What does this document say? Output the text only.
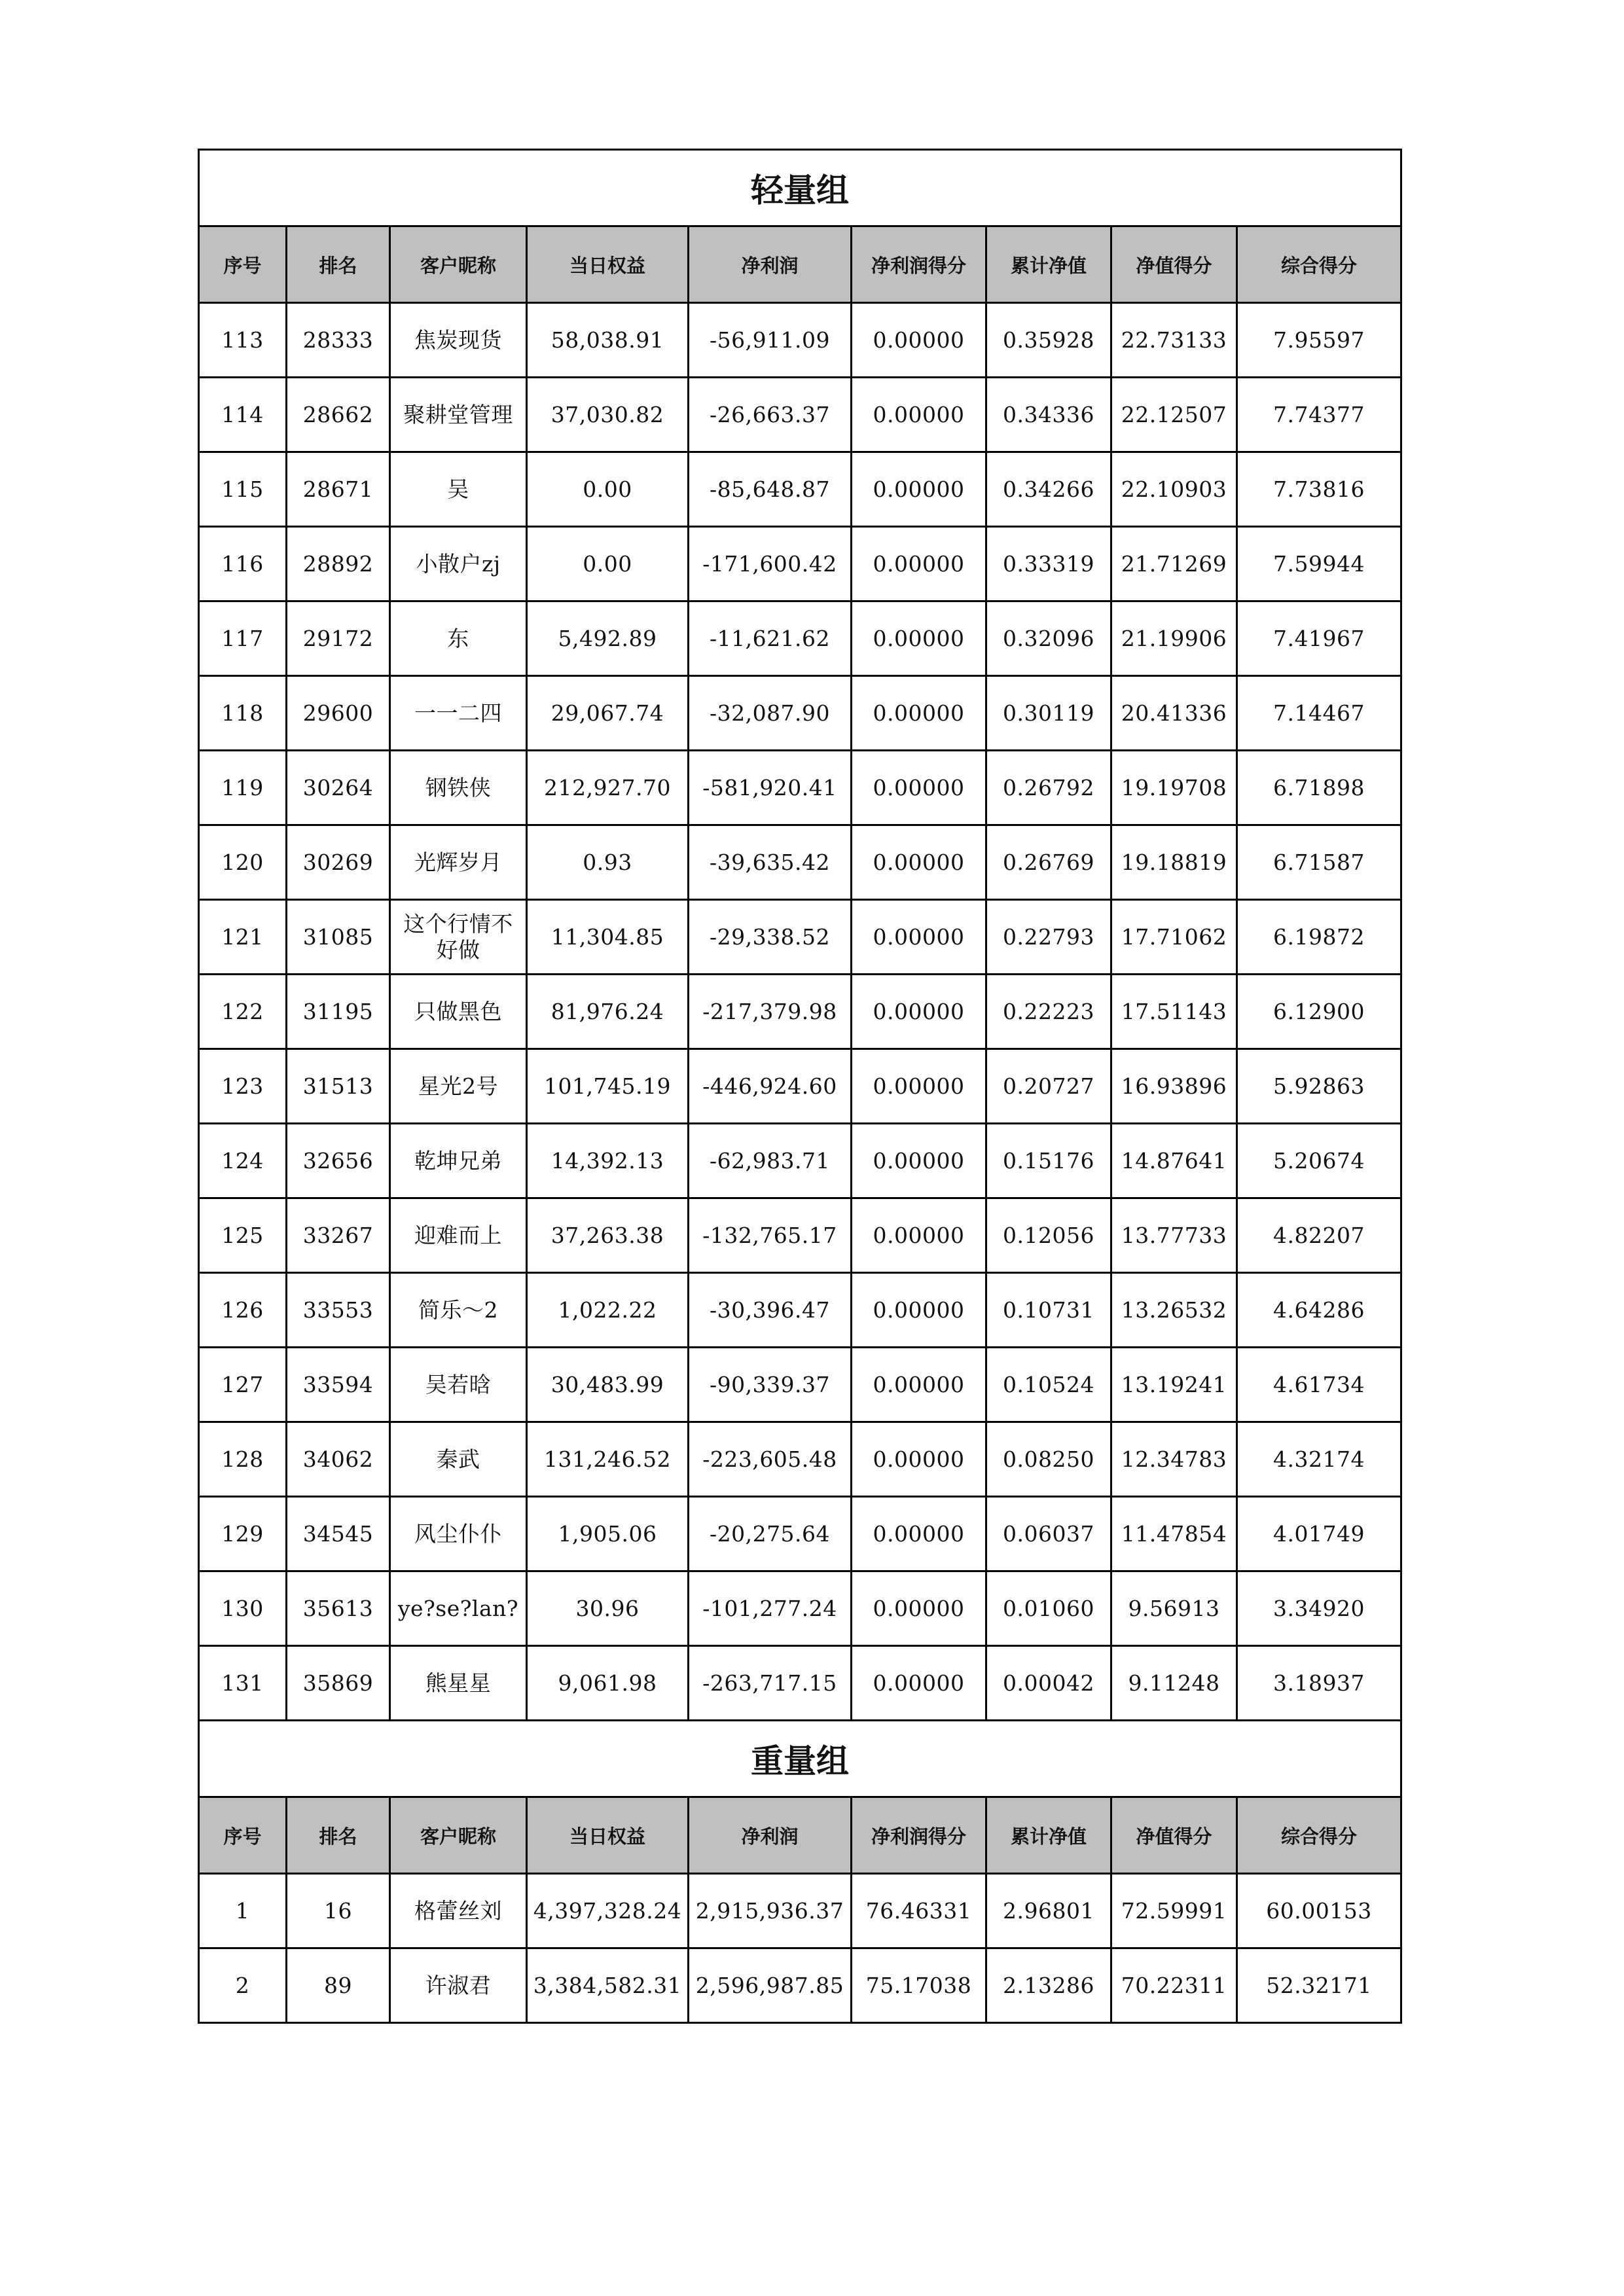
轻量组								
序号	排名	客户昵称	当日权益	净利润	净利润得分	累计净值	净值得分	综合得分
113	28333	焦炭现货	58,038.91	-56,911.09	0.00000	0.35928	22.73133	7.95597
114	28662	聚耕堂管理	37,030.82	-26,663.37	0.00000	0.34336	22.12507	7.74377
115	28671	吴	0.00	-85,648.87	0.00000	0.34266	22.10903	7.73816
116	28892	小散户zj	0.00	-171,600.42	0.00000	0.33319	21.71269	7.59944
117	29172	东	5,492.89	-11,621.62	0.00000	0.32096	21.19906	7.41967
118	29600	一一二四	29,067.74	-32,087.90	0.00000	0.30119	20.41336	7.14467
119	30264	钢铁侠	212,927.70	-581,920.41	0.00000	0.26792	19.19708	6.71898
120	30269	光辉岁月	0.93	-39,635.42	0.00000	0.26769	19.18819	6.71587
121	31085	这个行情不好做	11,304.85	-29,338.52	0.00000	0.22793	17.71062	6.19872
122	31195	只做黑色	81,976.24	-217,379.98	0.00000	0.22223	17.51143	6.12900
123	31513	星光2号	101,745.19	-446,924.60	0.00000	0.20727	16.93896	5.92863
124	32656	乾坤兄弟	14,392.13	-62,983.71	0.00000	0.15176	14.87641	5.20674
125	33267	迎难而上	37,263.38	-132,765.17	0.00000	0.12056	13.77733	4.82207
126	33553	简乐～2	1,022.22	-30,396.47	0.00000	0.10731	13.26532	4.64286
127	33594	吴若晗	30,483.99	-90,339.37	0.00000	0.10524	13.19241	4.61734
128	34062	秦武	131,246.52	-223,605.48	0.00000	0.08250	12.34783	4.32174
129	34545	风尘仆仆	1,905.06	-20,275.64	0.00000	0.06037	11.47854	4.01749
130	35613	ye?se?lan?	30.96	-101,277.24	0.00000	0.01060	9.56913	3.34920
131	35869	熊星星	9,061.98	-263,717.15	0.00000	0.00042	9.11248	3.18937
重量组								
序号	排名	客户昵称	当日权益	净利润	净利润得分	累计净值	净值得分	综合得分
1	16	格蕾丝刘	4,397,328.24	2,915,936.37	76.46331	2.96801	72.59991	60.00153
2	89	许淑君	3,384,582.31	2,596,987.85	75.17038	2.13286	70.22311	52.32171
